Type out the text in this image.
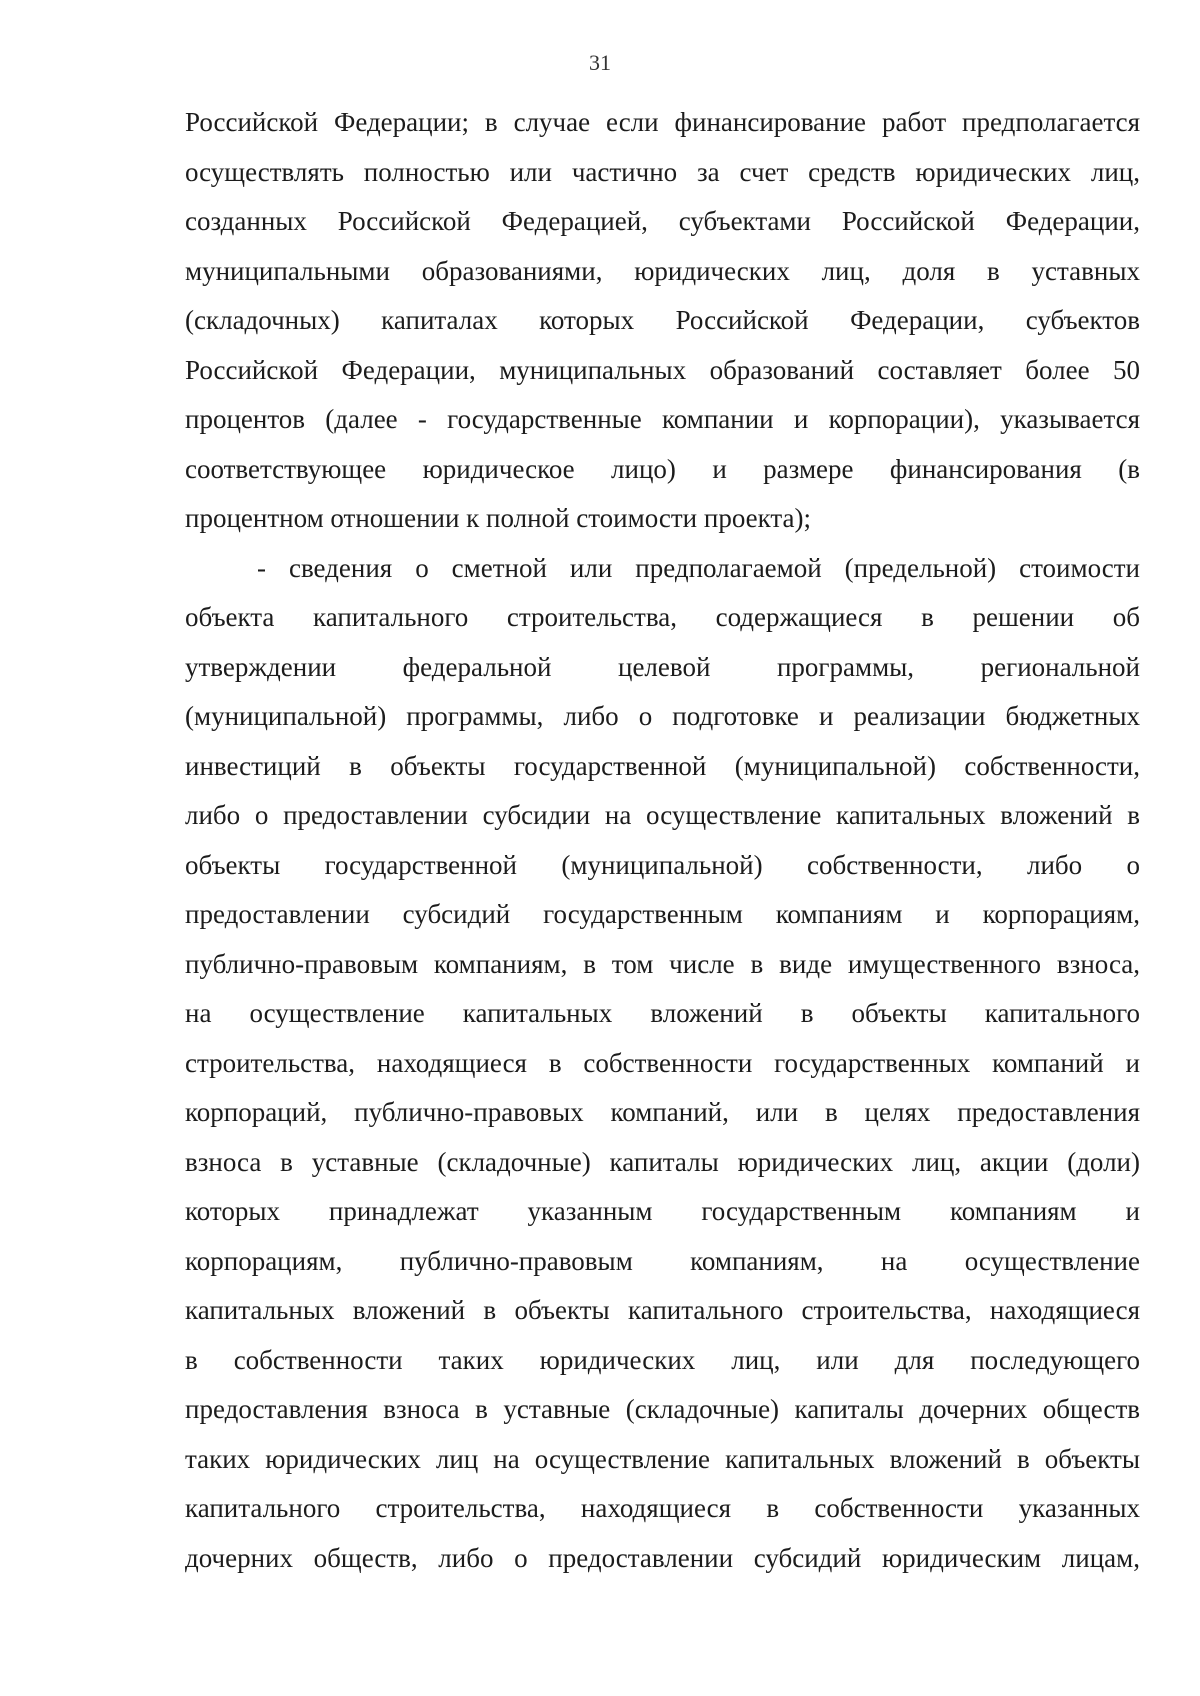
31
Российской Федерации; в случае если финансирование работ предполагается
осуществлять полностью или частично за счет средств юридических лиц,
созданных Российской Федерацией, субъектами Российской Федерации,
муниципальными образованиями, юридических лиц, доля в уставных
(складочных) капиталах которых Российской Федерации, субъектов
Российской Федерации, муниципальных образований составляет более 50
процентов (далее - государственные компании и корпорации), указывается
соответствующее юридическое лицо) и размере финансирования (в
процентном отношении к полной стоимости проекта);
- сведения о сметной или предполагаемой (предельной) стоимости
объекта капитального строительства, содержащиеся в решении об
утверждении федеральной целевой программы, региональной
(муниципальной) программы, либо о подготовке и реализации бюджетных
инвестиций в объекты государственной (муниципальной) собственности,
либо о предоставлении субсидии на осуществление капитальных вложений в
объекты государственной (муниципальной) собственности, либо о
предоставлении субсидий государственным компаниям и корпорациям,
публично-правовым компаниям, в том числе в виде имущественного взноса,
на осуществление капитальных вложений в объекты капитального
строительства, находящиеся в собственности государственных компаний и
корпораций, публично-правовых компаний, или в целях предоставления
взноса в уставные (складочные) капиталы юридических лиц, акции (доли)
которых принадлежат указанным государственным компаниям и
корпорациям, публично-правовым компаниям, на осуществление
капитальных вложений в объекты капитального строительства, находящиеся
в собственности таких юридических лиц, или для последующего
предоставления взноса в уставные (складочные) капиталы дочерних обществ
таких юридических лиц на осуществление капитальных вложений в объекты
капитального строительства, находящиеся в собственности указанных
дочерних обществ, либо о предоставлении субсидий юридическим лицам,
